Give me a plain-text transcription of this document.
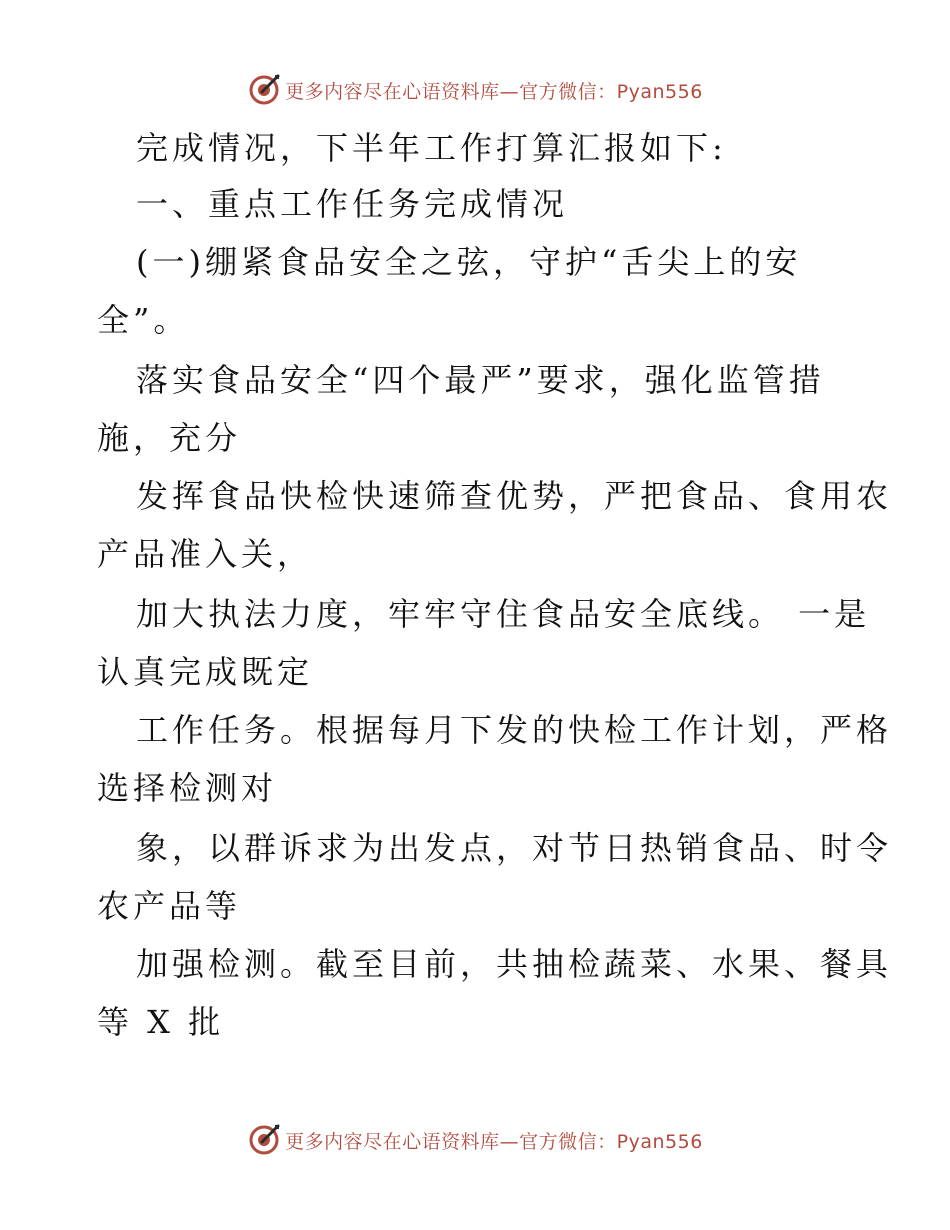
更多内容尽在心语资料库—官方微信：Pyan556
完成情况，下半年工作打算汇报如下:
一、重点工作任务完成情况
(一)绷紧食品安全之弦，守护“舌尖上的安
全”。
落实食品安全“四个最严”要求，强化监管措
施，充分
发挥食品快检快速筛查优势，严把食品、食用农
产品准入关，
加大执法力度，牢牢守住食品安全底线。 一是
认真完成既定
工作任务。根据每月下发的快检工作计划，严格
选择检测对
象，以群诉求为出发点，对节日热销食品、时令
农产品等
加强检测。截至目前，共抽检蔬菜、水果、餐具
等 X 批
更多内容尽在心语资料库—官方微信：Pyan556
